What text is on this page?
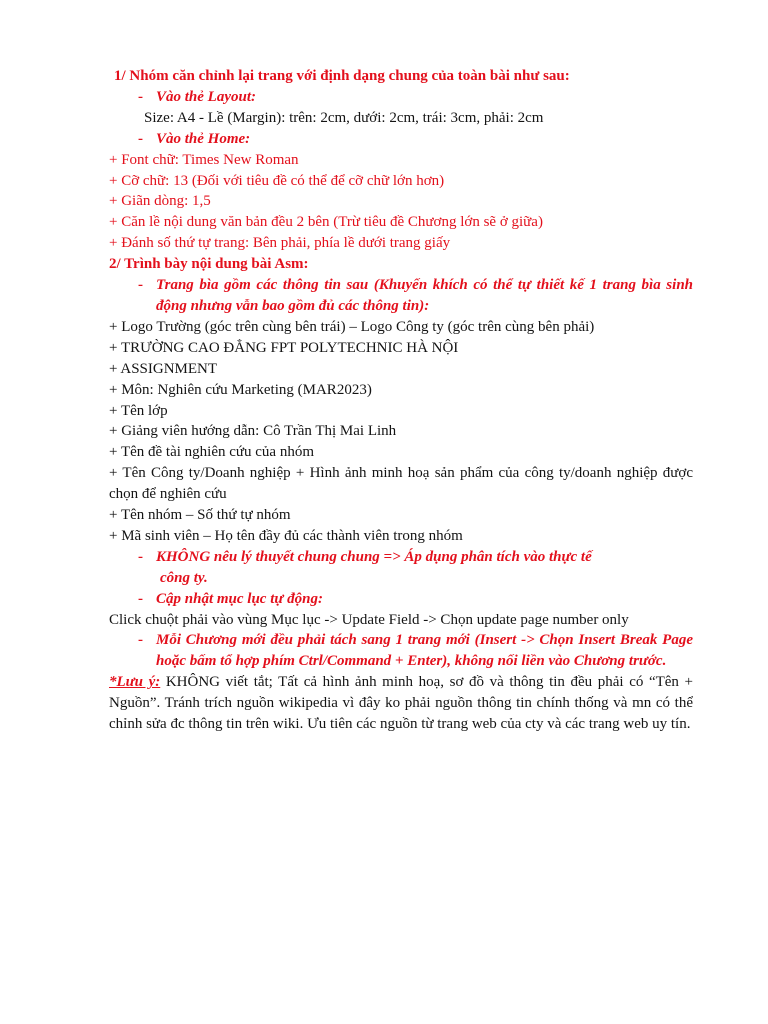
1/ Nhóm căn chỉnh lại trang với định dạng chung của toàn bài như sau:
- Vào thẻ Layout:
Size: A4 - Lề (Margin): trên: 2cm, dưới: 2cm, trái: 3cm, phải: 2cm
- Vào thẻ Home:
+ Font chữ: Times New Roman
+ Cỡ chữ: 13 (Đối với tiêu đề có thể để cỡ chữ lớn hơn)
+ Giãn dòng: 1,5
+ Căn lề nội dung văn bản đều 2 bên (Trừ tiêu đề Chương lớn sẽ ở giữa)
+ Đánh số thứ tự trang: Bên phải, phía lề dưới trang giấy
2/ Trình bày nội dung bài Asm:
- Trang bìa gồm các thông tin sau (Khuyến khích có thể tự thiết kế 1 trang bìa sinh động nhưng vẫn bao gồm đủ các thông tin):
+ Logo Trường (góc trên cùng bên trái) – Logo Công ty (góc trên cùng bên phải)
+ TRƯỜNG CAO ĐẲNG FPT POLYTECHNIC HÀ NỘI
+ ASSIGNMENT
+ Môn: Nghiên cứu Marketing (MAR2023)
+ Tên lớp
+ Giảng viên hướng dẫn: Cô Trần Thị Mai Linh
+ Tên đề tài nghiên cứu của nhóm
+ Tên Công ty/Doanh nghiệp + Hình ảnh minh hoạ sản phẩm của công ty/doanh nghiệp được chọn để nghiên cứu
+ Tên nhóm – Số thứ tự nhóm
+ Mã sinh viên – Họ tên đầy đủ các thành viên trong nhóm
- KHÔNG nêu lý thuyết chung chung => Áp dụng phân tích vào thực tế
công ty.
- Cập nhật mục lục tự động:
Click chuột phải vào vùng Mục lục -> Update Field -> Chọn update page number only
- Mỗi Chương mới đều phải tách sang 1 trang mới (Insert -> Chọn Insert Break Page hoặc bấm tổ hợp phím Ctrl/Command + Enter), không nối liền vào Chương trước.
*Lưu ý: KHÔNG viết tắt; Tất cả hình ảnh minh hoạ, sơ đồ và thông tin đều phải có “Tên + Nguồn”. Tránh trích nguồn wikipedia vì đây ko phải nguồn thông tin chính thống và mn có thể chỉnh sửa đc thông tin trên wiki. Ưu tiên các nguồn từ trang web của cty và các trang web uy tín.
